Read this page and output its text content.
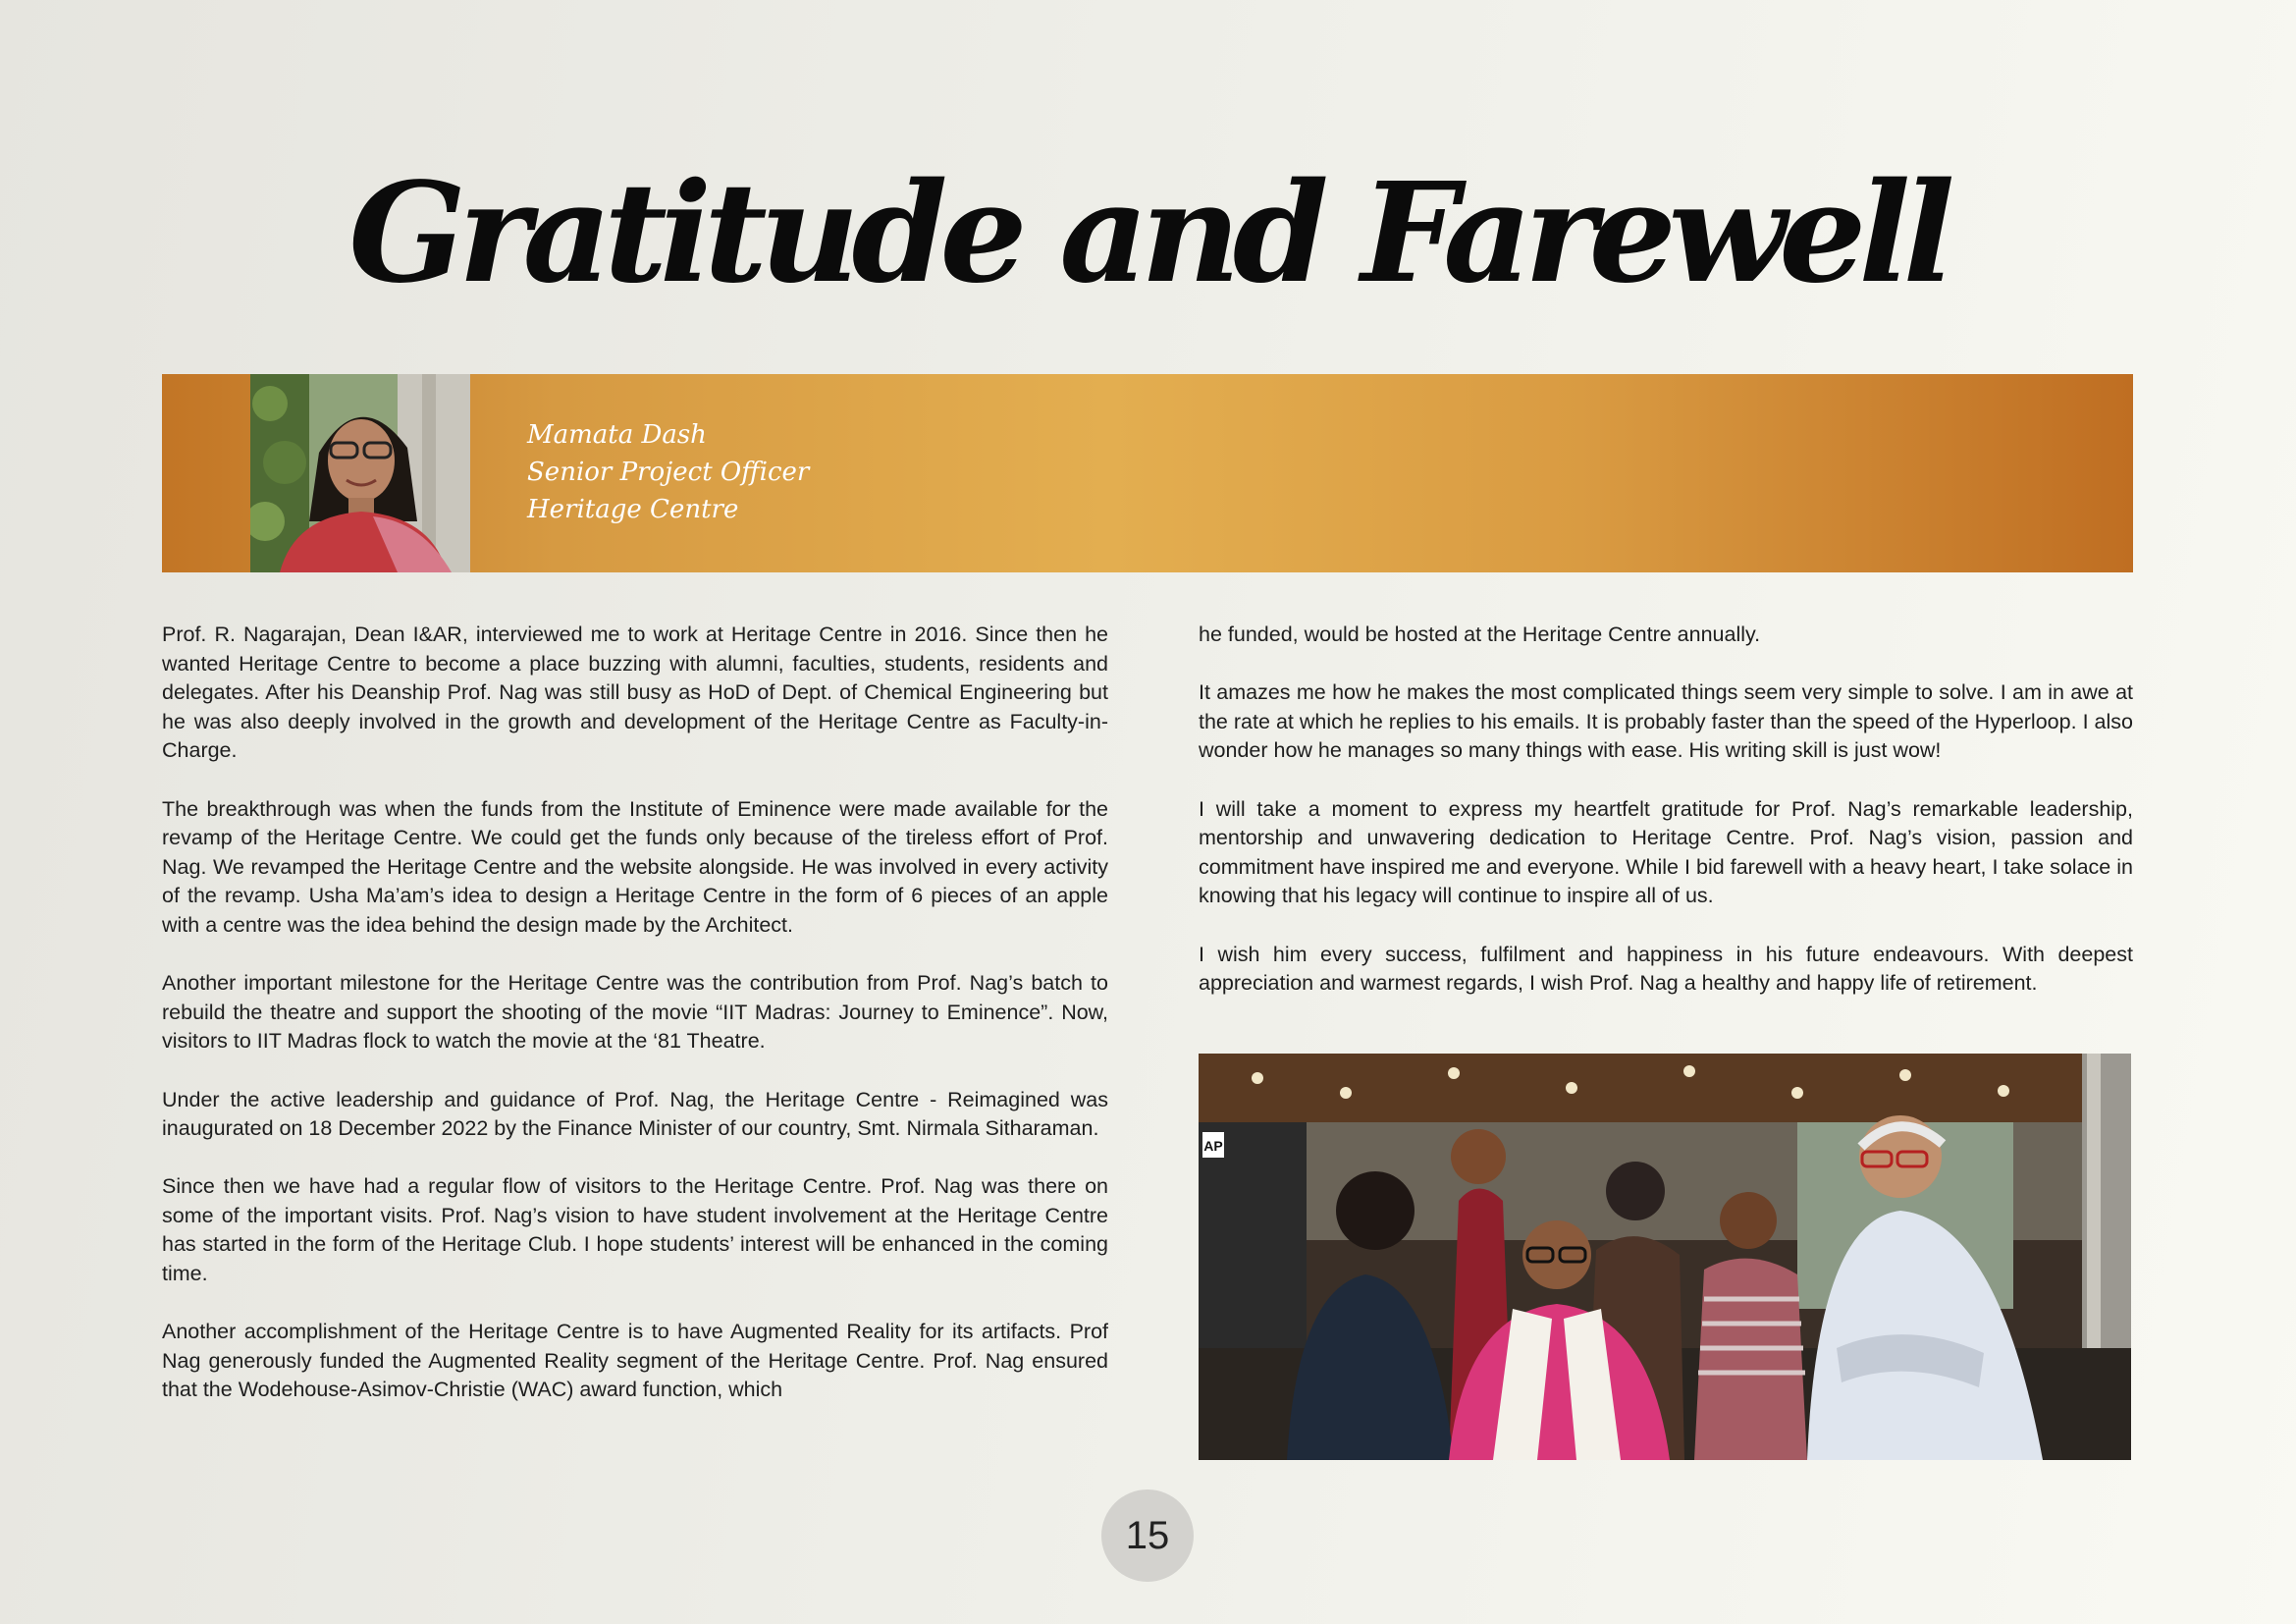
Gratitude and Farewell
Mamata Dash
Senior Project Officer
Heritage Centre

Prof. R. Nagarajan, Dean I&AR, interviewed me to work at Heritage Centre in 2016. Since then he wanted Heritage Centre to become a place buzzing with alumni, faculties, students, residents and delegates. After his Deanship Prof. Nag was still busy as HoD of Dept. of Chemical Engineering but he was also deeply involved in the growth and development of the Heritage Centre as Faculty-in-Charge.

The breakthrough was when the funds from the Institute of Eminence were made available for the revamp of the Heritage Centre. We could get the funds only because of the tireless effort of Prof. Nag. We revamped the Heritage Centre and the website alongside. He was involved in every activity of the revamp. Usha Ma’am’s idea to design a Heritage Centre in the form of 6 pieces of an apple with a centre was the idea behind the design made by the Architect.

Another important milestone for the Heritage Centre was the contribution from Prof. Nag’s batch to rebuild the theatre and support the shooting of the movie “IIT Madras: Journey to Eminence”. Now, visitors to IIT Madras flock to watch the movie at the ‘81 Theatre.

Under the active leadership and guidance of Prof. Nag, the Heritage Centre - Reimagined was inaugurated on 18 December 2022 by the Finance Minister of our country, Smt. Nirmala Sitharaman.

Since then we have had a regular flow of visitors to the Heritage Centre. Prof. Nag was there on some of the important visits. Prof. Nag’s vision to have student involvement at the Heritage Centre has started in the form of the Heritage Club. I hope students’ interest will be enhanced in the coming time.

Another accomplishment of the Heritage Centre is to have Augmented Reality for its artifacts. Prof Nag generously funded the Augmented Reality segment of the Heritage Centre. Prof. Nag ensured that the Wodehouse-Asimov-Christie (WAC) award function, which

he funded, would be hosted at the Heritage Centre annually.

It amazes me how he makes the most complicated things seem very simple to solve. I am in awe at the rate at which he replies to his emails. It is probably faster than the speed of the Hyperloop. I also wonder how he manages so many things with ease. His writing skill is just wow!

I will take a moment to express my heartfelt gratitude for Prof. Nag’s remarkable leadership, mentorship and unwavering dedication to Heritage Centre. Prof. Nag’s vision, passion and commitment have inspired me and everyone. While I bid farewell with a heavy heart, I take solace in knowing that his legacy will continue to inspire all of us.

I wish him every success, fulfilment and happiness in his future endeavours. With deepest appreciation and warmest regards, I wish Prof. Nag a healthy and happy life of retirement.

AP
15
